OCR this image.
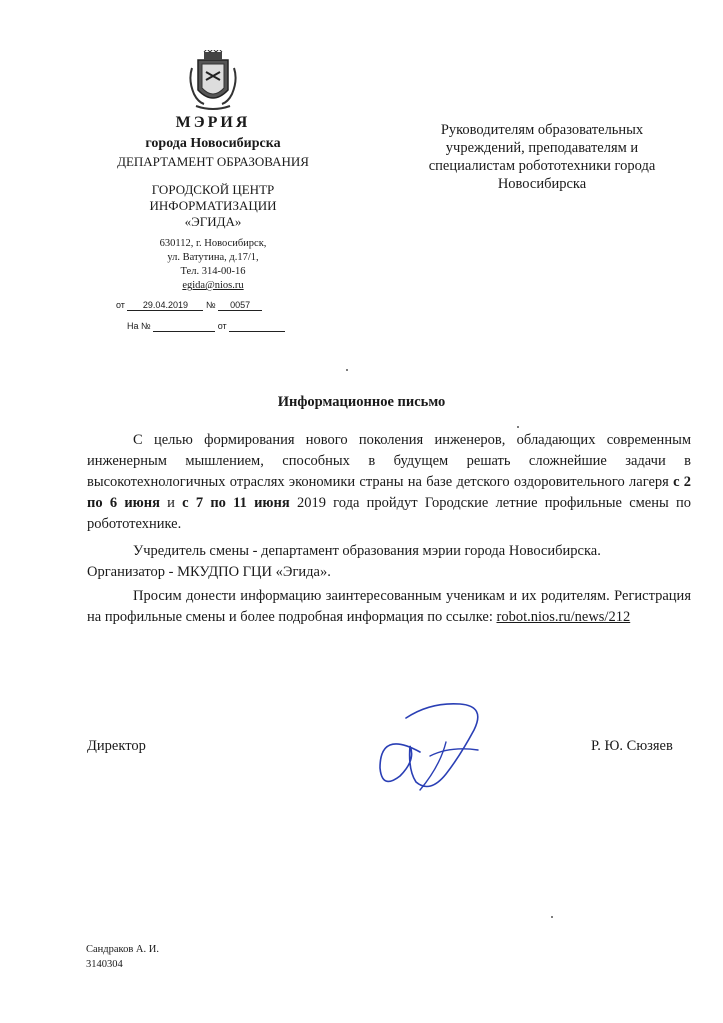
МЭРИЯ
города Новосибирска
ДЕПАРТАМЕНТ ОБРАЗОВАНИЯ
ГОРОДСКОЙ ЦЕНТР
ИНФОРМАТИЗАЦИИ
«ЭГИДА»
630112, г. Новосибирск,
ул. Ватутина, д.17/1,
Тел. 314-00-16
egida@nios.ru
от 29.04.2019 № 0057
На №	от
Руководителям образовательных учреждений, преподавателям и специалистам робототехники города Новосибирска
Информационное письмо

С целью формирования нового поколения инженеров, обладающих современным инженерным мышлением, способных в будущем решать сложнейшие задачи в высокотехнологичных отраслях экономики страны на базе детского оздоровительного лагеря с 2 по 6 июня и с 7 по 11 июня 2019 года пройдут Городские летние профильные смены по робототехнике.

Учредитель смены - департамент образования мэрии города Новосибирска.

Организатор - МКУДПО ГЦИ «Эгида».

Просим донести информацию заинтересованным ученикам и их родителям. Регистрация на профильные смены и более подробная информация по ссылке: robot.nios.ru/news/212

Директор	Р. Ю. Сюзяев
Сандраков А. И.
3140304
